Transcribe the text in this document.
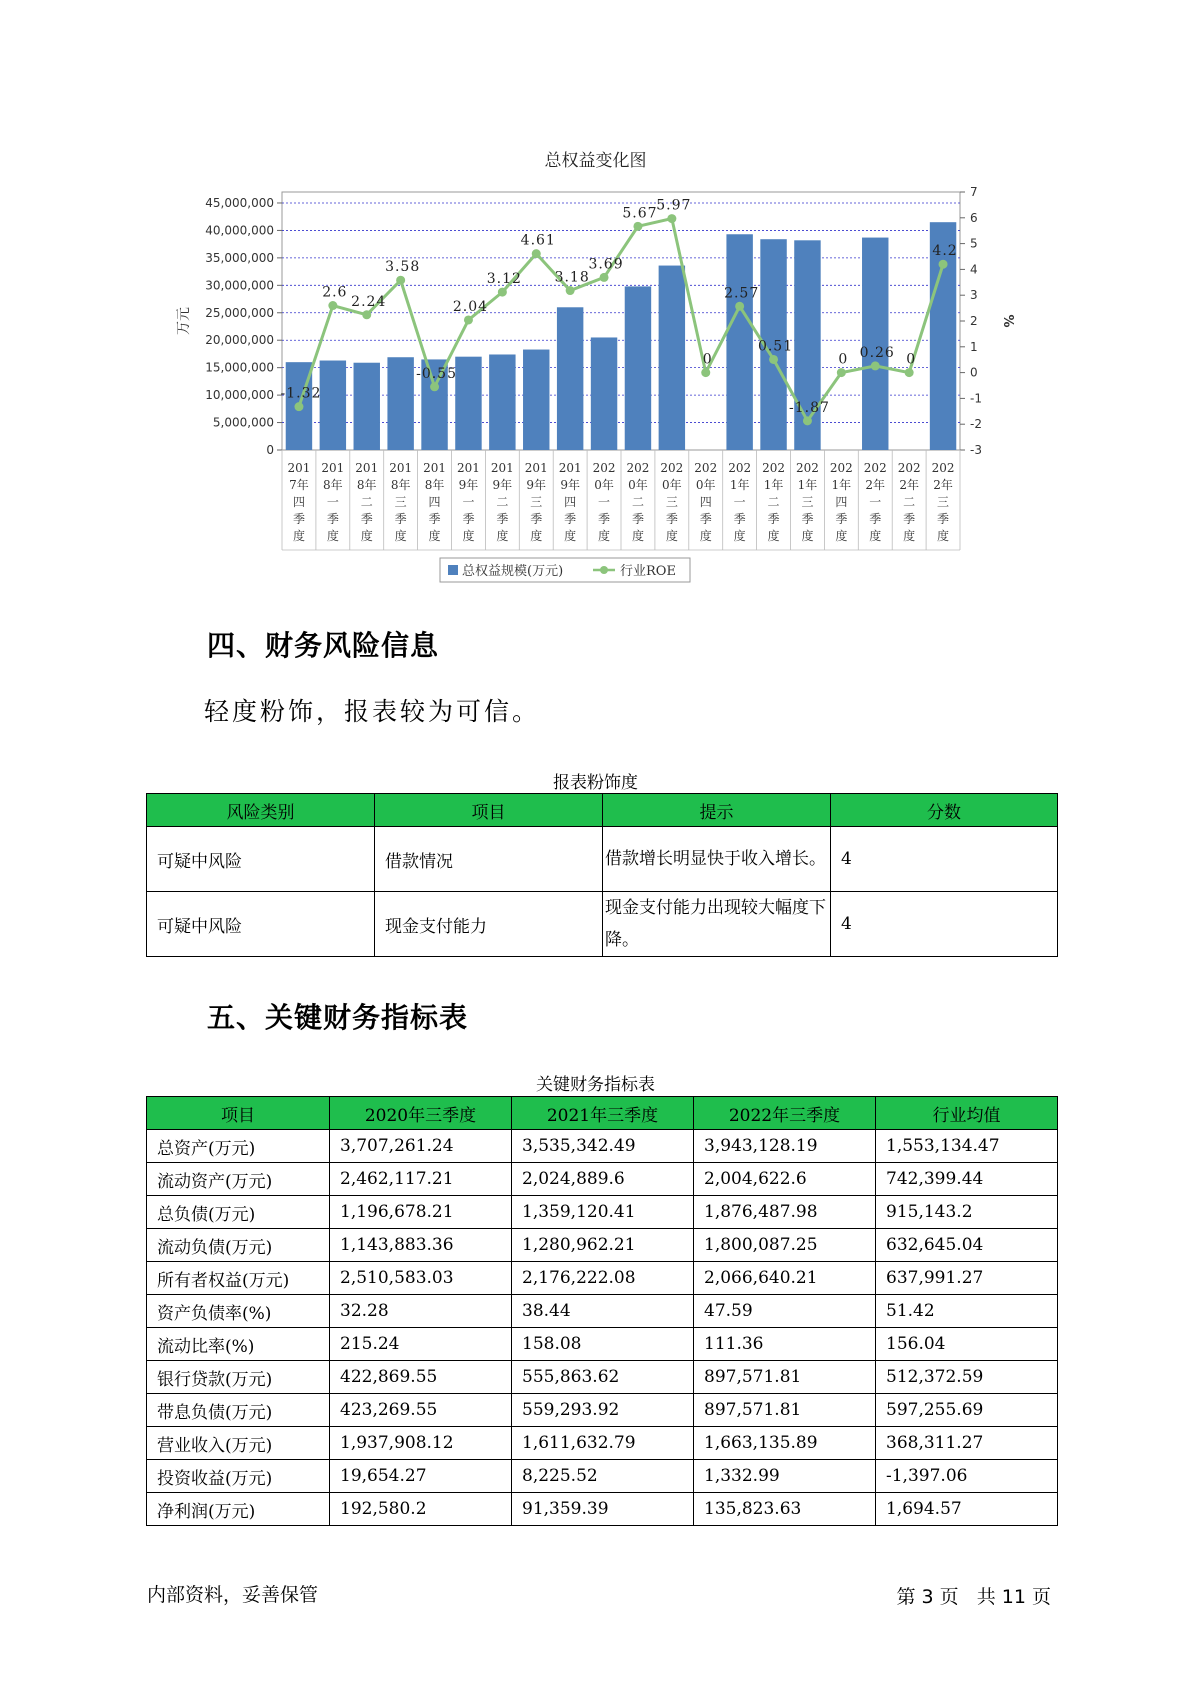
总权益变化图
0
5,000,000
10,000,000
15,000,000
20,000,000
25,000,000
30,000,000
35,000,000
40,000,000
45,000,000
-3
-2
-1
0
1
2
3
4
5
6
7
万元	%
201
7年
四
季
度
201
8年
一
季
度
201
8年
二
季
度
201
8年
三
季
度
201
8年
四
季
度
201
9年
一
季
度
201
9年
二
季
度
201
9年
三
季
度
201
9年
四
季
度
202
0年
一
季
度
202
0年
二
季
度
202
0年
三
季
度
202
0年
四
季
度
202
1年
一
季
度
202
1年
二
季
度
202
1年
三
季
度
202
1年
四
季
度
202
2年
一
季
度
202
2年
二
季
度
202
2年
三
季
度
-1.32
2.6
2.24
3.58
-0.55
2.04
3.12
4.61
3.18
3.69
5.67
5.97
0
2.57
0.51
-1.87
0 0.26 0
4.2
总权益规模(万元)	行业ROE
四、财务风险信息
轻度粉饰，报表较为可信。
报表粉饰度
风险类别	项目	提示	分数
可疑中风险	借款情况	借款增长明显快于收入增长。	4
可疑中风险	现金支付能力	现金支付能力出现较大幅度下降。	4
五、关键财务指标表
关键财务指标表
项目	2020年三季度	2021年三季度	2022年三季度	行业均值
总资产(万元)	3,707,261.24	3,535,342.49	3,943,128.19	1,553,134.47
流动资产(万元)	2,462,117.21	2,024,889.6	2,004,622.6	742,399.44
总负债(万元)	1,196,678.21	1,359,120.41	1,876,487.98	915,143.2
流动负债(万元)	1,143,883.36	1,280,962.21	1,800,087.25	632,645.04
所有者权益(万元)	2,510,583.03	2,176,222.08	2,066,640.21	637,991.27
资产负债率(%)	32.28	38.44	47.59	51.42
流动比率(%)	215.24	158.08	111.36	156.04
银行贷款(万元)	422,869.55	555,863.62	897,571.81	512,372.59
带息负债(万元)	423,269.55	559,293.92	897,571.81	597,255.69
营业收入(万元)	1,937,908.12	1,611,632.79	1,663,135.89	368,311.27
投资收益(万元)	19,654.27	8,225.52	1,332.99	-1,397.06
净利润(万元)	192,580.2	91,359.39	135,823.63	1,694.57
内部资料，妥善保管	第 3 页   共 11 页
